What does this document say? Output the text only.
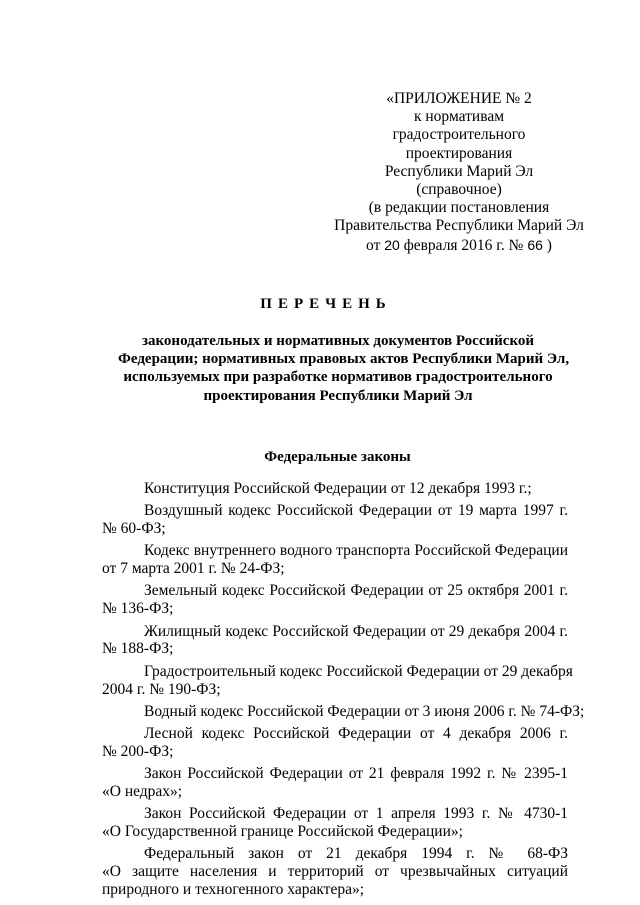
«ПРИЛОЖЕНИЕ № 2
к нормативам
градостроительного
проектирования
Республики Марий Эл
(справочное)
(в редакции постановления
Правительства Республики Марий Эл
от 20 февраля 2016 г. № 66 )
ПЕРЕЧЕНЬ
законодательных и нормативных документов Российской
Федерации; нормативных правовых актов Республики Марий Эл,
используемых при разработке нормативов градостроительного
проектирования Республики Марий Эл
Федеральные законы
Конституция Российской Федерации от 12 декабря 1993 г.;
Воздушный кодекс Российской Федерации от 19 марта 1997 г.
№ 60-ФЗ;
Кодекс внутреннего водного транспорта Российской Федерации
от 7 марта 2001 г. № 24-ФЗ;
Земельный кодекс Российской Федерации от 25 октября 2001 г.
№ 136-ФЗ;
Жилищный кодекс Российской Федерации от 29 декабря 2004 г.
№ 188-ФЗ;
Градостроительный кодекс Российской Федерации от 29 декабря
2004 г. № 190-ФЗ;
Водный кодекс Российской Федерации от 3 июня 2006 г. № 74-ФЗ;
Лесной кодекс Российской Федерации от 4 декабря 2006 г.
№ 200-ФЗ;
Закон Российской Федерации от 21 февраля 1992 г. № 2395-1
«О недрах»;
Закон Российской Федерации от 1 апреля 1993 г. № 4730-1
«О Государственной границе Российской Федерации»;
Федеральный закон от 21 декабря 1994 г. № 68-ФЗ
«О защите населения и территорий от чрезвычайных ситуаций
природного и техногенного характера»;
